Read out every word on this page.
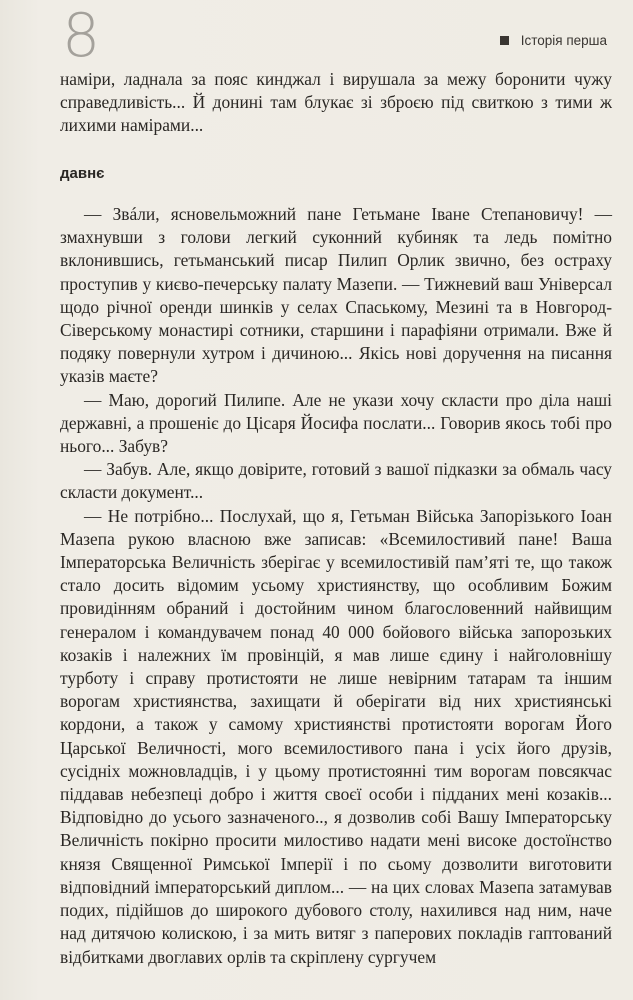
8	Історія перша

наміри, ладнала за пояс кинджал і вирушала за межу боронити чужу справедливість... Й донині там блукає зі зброєю під свиткою з тими ж лихими намірами...

давнє

— Звáли, ясновельможний пане Гетьмане Іване Степановичу! — змахнувши з голови легкий суконний кубиняк та ледь помітно вклонившись, гетьманський писар Пилип Орлик звично, без остраху проступив у києво-печерську палату Мазепи. — Тижневий ваш Універсал щодо річної оренди шинків у селах Спаському, Мезині та в Новгород-Сіверському монастирі сотники, старшини і парафіяни отримали. Вже й подяку повернули хутром і дичиною... Якісь нові доручення на писання указів маєте?

— Маю, дорогий Пилипе. Але не укази хочу скласти про діла наші державні, а прошеніє до Цісаря Йосифа послати... Говорив якось тобі про нього... Забув?

— Забув. Але, якщо довірите, готовий з вашої підказки за обмаль часу скласти документ...

— Не потрібно... Послухай, що я, Гетьман Війська Запорізького Іоан Мазепа рукою власною вже записав: «Всемилостивий пане! Ваша Імператорська Величність зберігає у всемилостивій пам’яті те, що також стало досить відомим усьому християнству, що особливим Божим провидінням обраний і достойним чином благословенний найвищим генералом і командувачем понад 40 000 бойового війська запорозьких козаків і належних їм провінцій, я мав лише єдину і найголовнішу турботу і справу протистояти не лише невірним татарам та іншим ворогам християнства, захищати й оберігати від них християнські кордони, а також у самому християнстві протистояти ворогам Його Царської Величності, мого всемилостивого пана і усіх його друзів, сусідніх можновладців, і у цьому протистоянні тим ворогам повсякчас піддавав небезпеці добро і життя своєї особи і підданих мені козаків... Відповідно до усього зазначеного.., я дозволив собі Вашу Імператорську Величність покірно просити милостиво надати мені високе достоїнство князя Священної Римської Імперії і по сьому дозволити виготовити відповідний імператорський диплом... — на цих словах Мазепа затамував подих, підійшов до широкого дубового столу, нахилився над ним, наче над дитячою колискою, і за мить витяг з паперових покладів гаптований відбитками двоглавих орлів та скріплену сургучем
